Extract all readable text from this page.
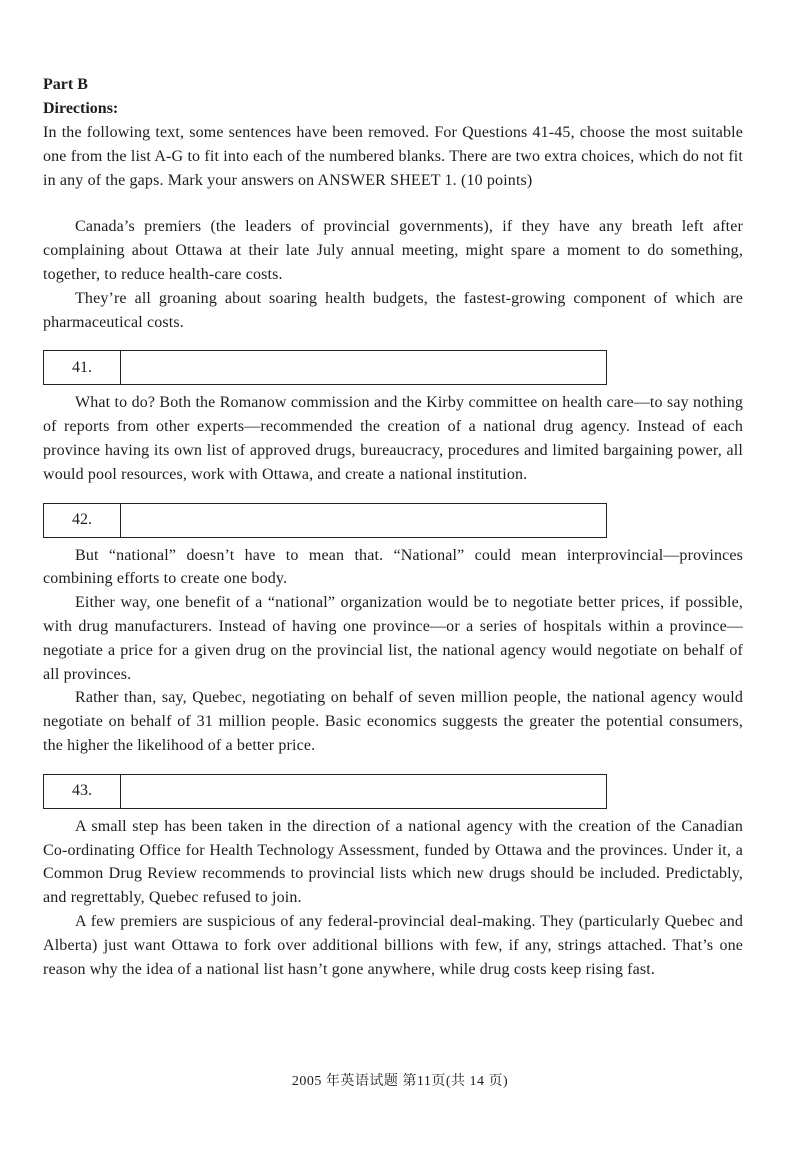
Part B

Directions:

In the following text, some sentences have been removed. For Questions 41-45, choose the most suitable one from the list A-G to fit into each of the numbered blanks. There are two extra choices, which do not fit in any of the gaps. Mark your answers on ANSWER SHEET 1. (10 points)

Canada’s premiers (the leaders of provincial governments), if they have any breath left after complaining about Ottawa at their late July annual meeting, might spare a moment to do something, together, to reduce health-care costs.

They’re all groaning about soaring health budgets, the fastest-growing component of which are pharmaceutical costs.

41.

What to do? Both the Romanow commission and the Kirby committee on health care—to say nothing of reports from other experts—recommended the creation of a national drug agency. Instead of each province having its own list of approved drugs, bureaucracy, procedures and limited bargaining power, all would pool resources, work with Ottawa, and create a national institution.

42.

But “national” doesn’t have to mean that. “National” could mean interprovincial—provinces combining efforts to create one body.

Either way, one benefit of a “national” organization would be to negotiate better prices, if possible, with drug manufacturers. Instead of having one province—or a series of hospitals within a province—negotiate a price for a given drug on the provincial list, the national agency would negotiate on behalf of all provinces.

Rather than, say, Quebec, negotiating on behalf of seven million people, the national agency would negotiate on behalf of 31 million people. Basic economics suggests the greater the potential consumers, the higher the likelihood of a better price.

43.

A small step has been taken in the direction of a national agency with the creation of the Canadian Co-ordinating Office for Health Technology Assessment, funded by Ottawa and the provinces. Under it, a Common Drug Review recommends to provincial lists which new drugs should be included. Predictably, and regrettably, Quebec refused to join.

A few premiers are suspicious of any federal-provincial deal-making. They (particularly Quebec and Alberta) just want Ottawa to fork over additional billions with few, if any, strings attached. That’s one reason why the idea of a national list hasn’t gone anywhere, while drug costs keep rising fast.

2005 年英语试题 第11页(共 14 页)
